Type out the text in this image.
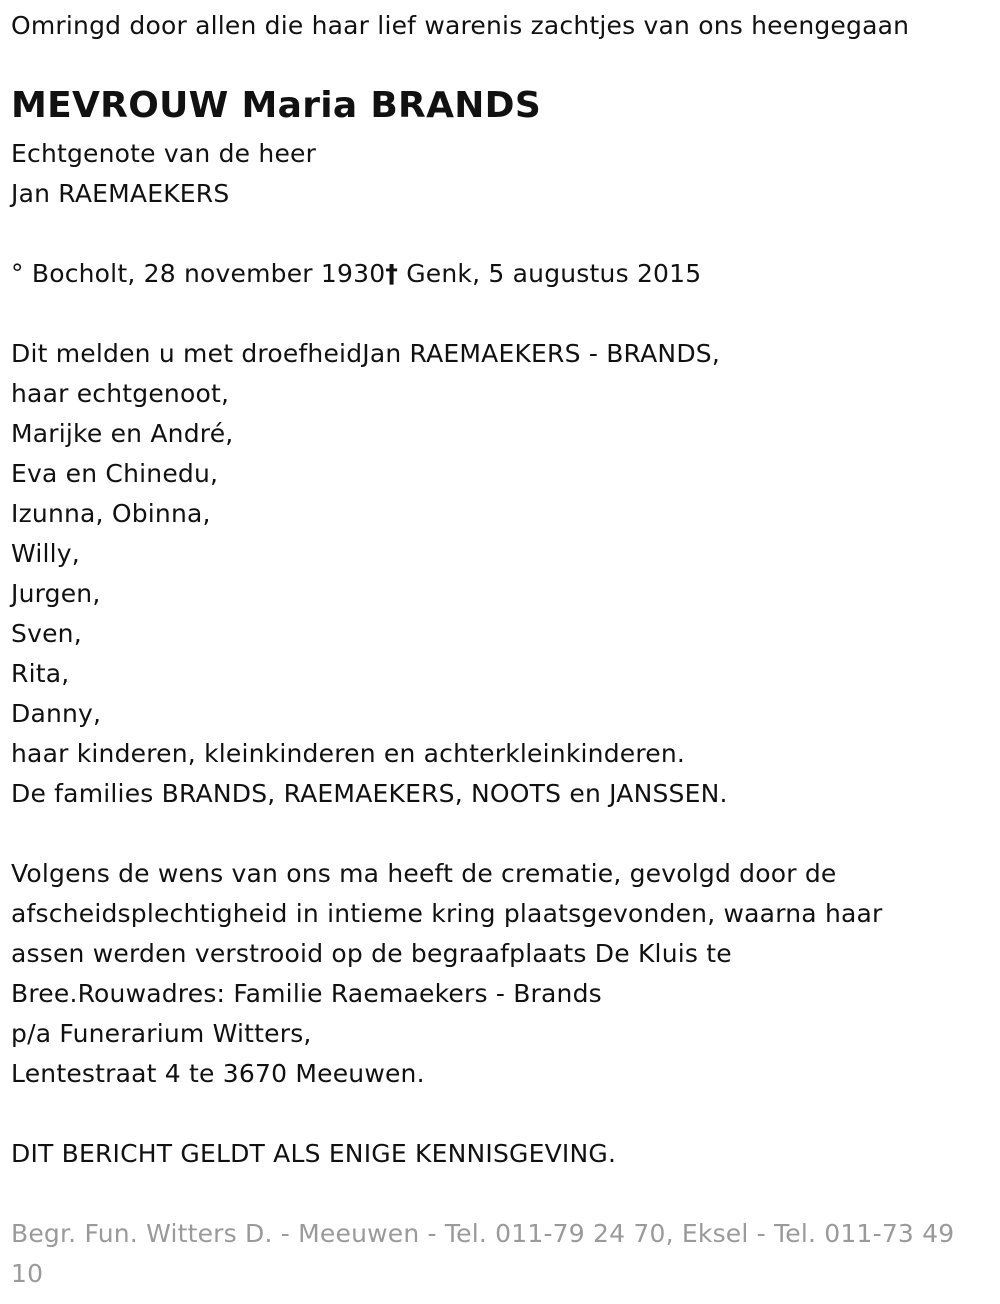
Omringd door allen die haar lief warenis zachtjes van ons heengegaan
MEVROUW Maria BRANDS
Echtgenote van de heer
Jan RAEMAEKERS
° Bocholt, 28 november 1930† Genk, 5 augustus 2015
Dit melden u met droefheidJan RAEMAEKERS - BRANDS,
haar echtgenoot,
Marijke en André,
Eva en Chinedu,
Izunna, Obinna,
Willy,
Jurgen,
Sven,
Rita,
Danny,
haar kinderen, kleinkinderen en achterkleinkinderen.
De families BRANDS, RAEMAEKERS, NOOTS en JANSSEN.
Volgens de wens van ons ma heeft de crematie, gevolgd door de
afscheidsplechtigheid in intieme kring plaatsgevonden, waarna haar
assen werden verstrooid op de begraafplaats De Kluis te
Bree.Rouwadres: Familie Raemaekers - Brands
p/a Funerarium Witters,
Lentestraat 4 te 3670 Meeuwen.
DIT BERICHT GELDT ALS ENIGE KENNISGEVING.
Begr. Fun. Witters D. - Meeuwen - Tel. 011-79 24 70, Eksel - Tel. 011-73 49 10
